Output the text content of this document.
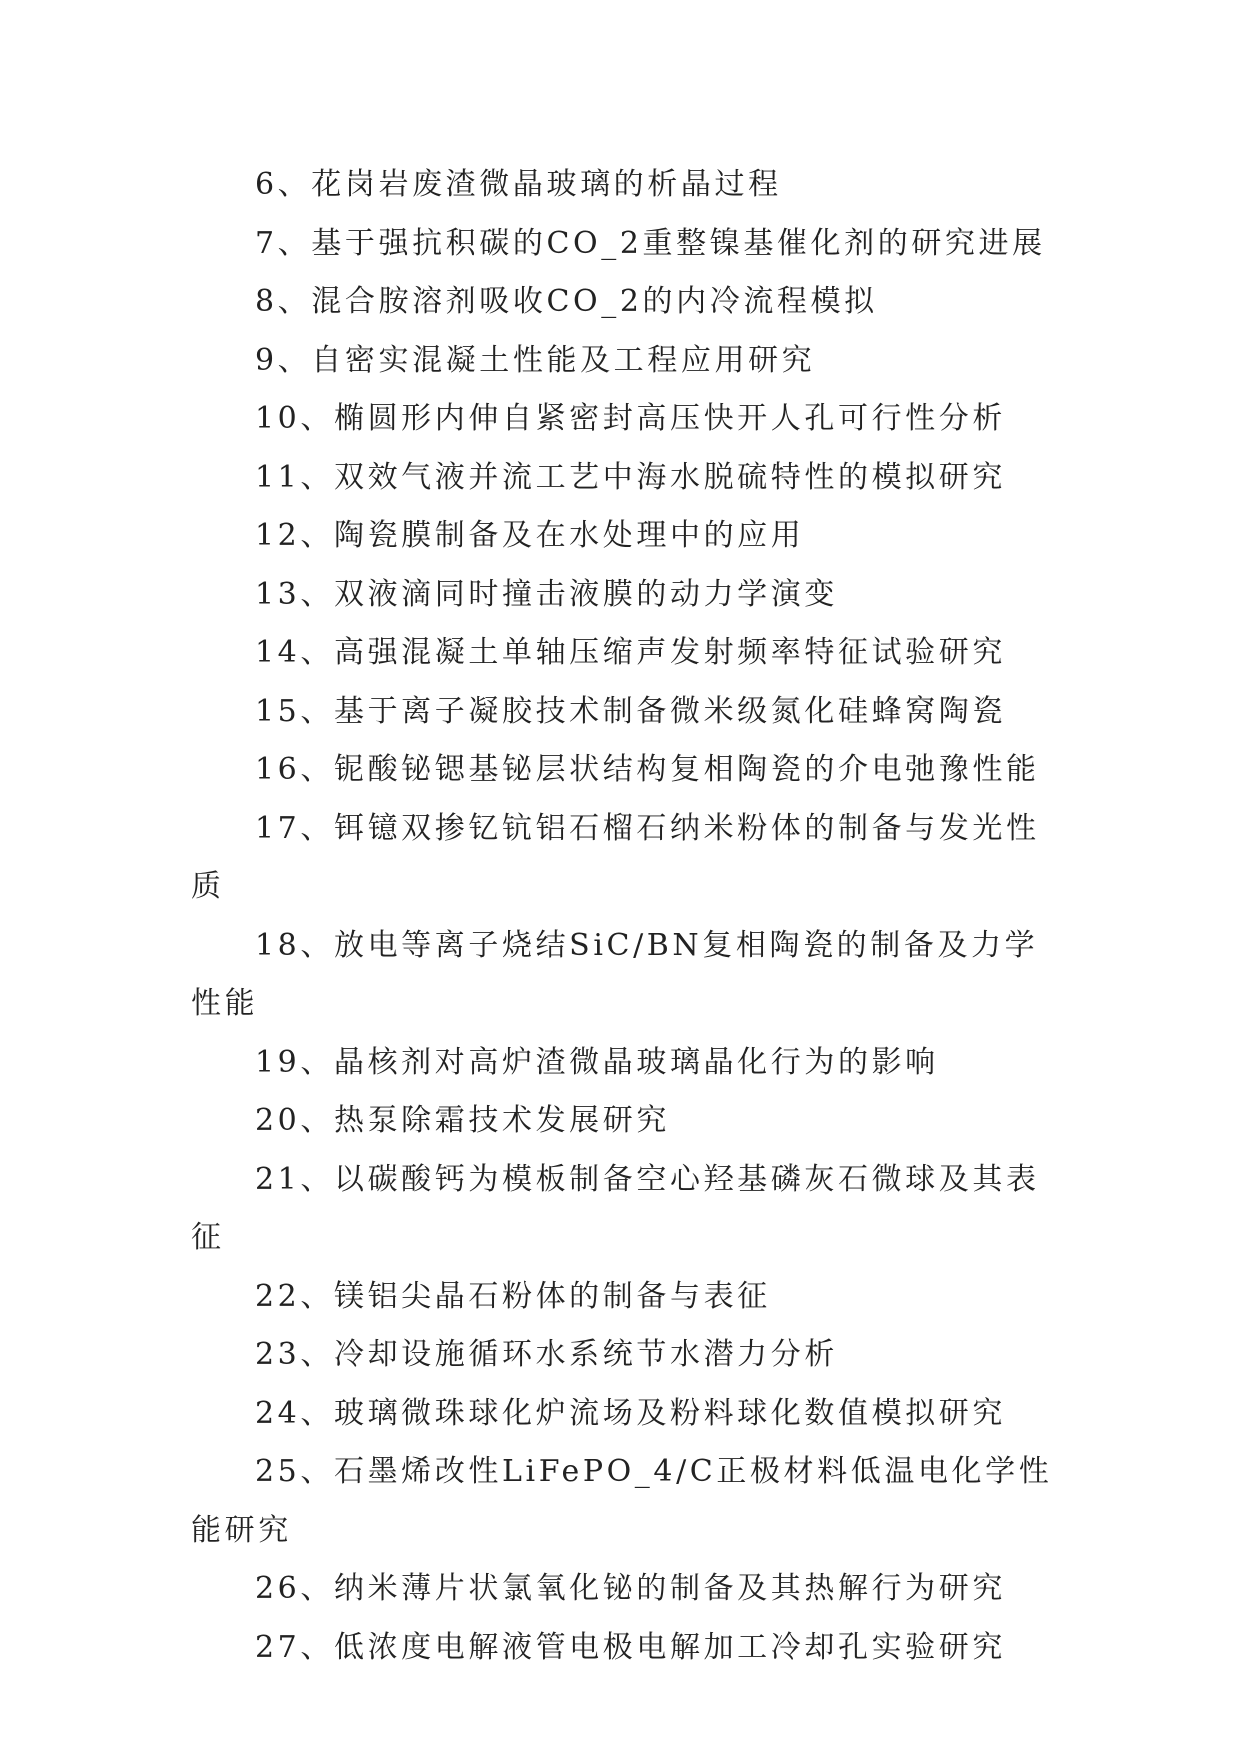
6、花岗岩废渣微晶玻璃的析晶过程
7、基于强抗积碳的CO_2重整镍基催化剂的研究进展
8、混合胺溶剂吸收CO_2的内冷流程模拟
9、自密实混凝土性能及工程应用研究
10、椭圆形内伸自紧密封高压快开人孔可行性分析
11、双效气液并流工艺中海水脱硫特性的模拟研究
12、陶瓷膜制备及在水处理中的应用
13、双液滴同时撞击液膜的动力学演变
14、高强混凝土单轴压缩声发射频率特征试验研究
15、基于离子凝胶技术制备微米级氮化硅蜂窝陶瓷
16、铌酸铋锶基铋层状结构复相陶瓷的介电弛豫性能
17、铒镱双掺钇钪铝石榴石纳米粉体的制备与发光性质
18、放电等离子烧结SiC/BN复相陶瓷的制备及力学性能
19、晶核剂对高炉渣微晶玻璃晶化行为的影响
20、热泵除霜技术发展研究
21、以碳酸钙为模板制备空心羟基磷灰石微球及其表征
22、镁铝尖晶石粉体的制备与表征
23、冷却设施循环水系统节水潜力分析
24、玻璃微珠球化炉流场及粉料球化数值模拟研究
25、石墨烯改性LiFePO_4/C正极材料低温电化学性能研究
26、纳米薄片状氯氧化铋的制备及其热解行为研究
27、低浓度电解液管电极电解加工冷却孔实验研究
